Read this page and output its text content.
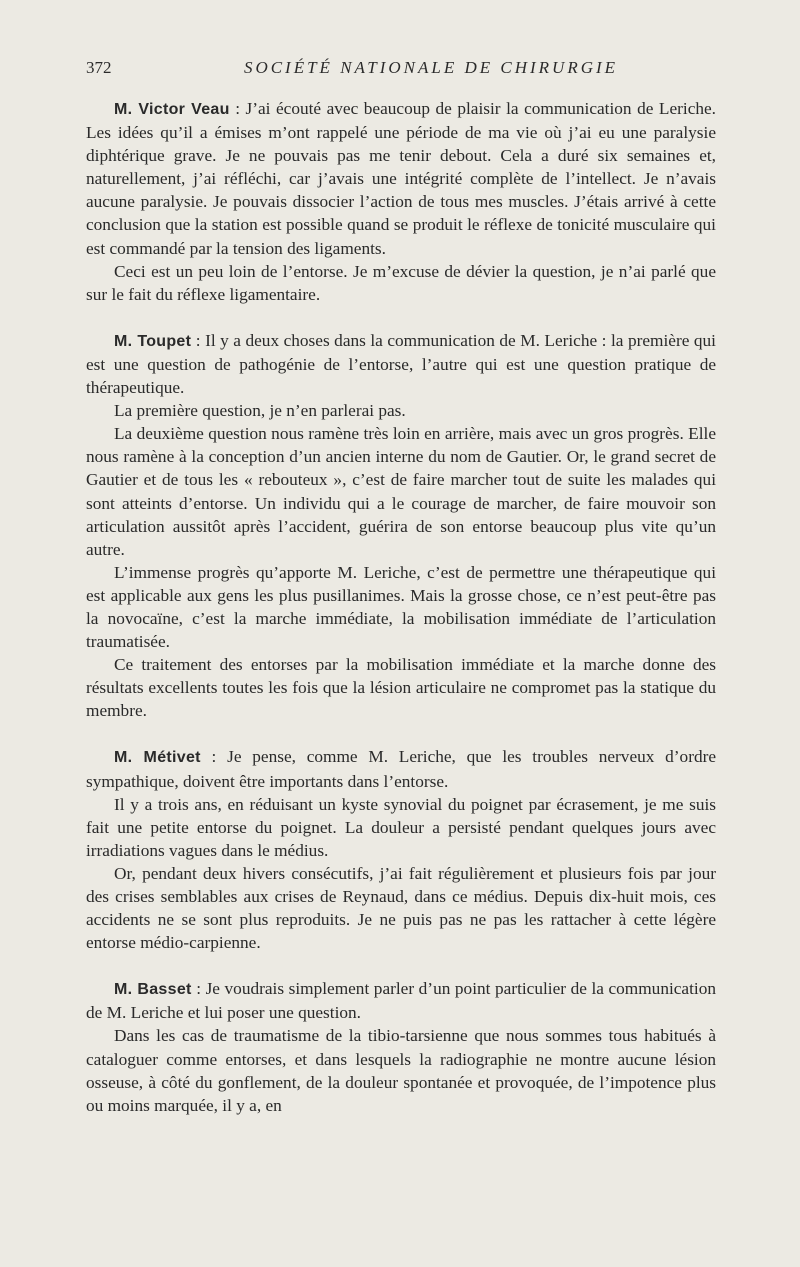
372	SOCIÉTÉ NATIONALE DE CHIRURGIE

M. Victor Veau : J’ai écouté avec beaucoup de plaisir la communication de Leriche. Les idées qu’il a émises m’ont rappelé une période de ma vie où j’ai eu une paralysie diphtérique grave. Je ne pouvais pas me tenir debout. Cela a duré six semaines et, naturellement, j’ai réfléchi, car j’avais une intégrité complète de l’intellect. Je n’avais aucune paralysie. Je pouvais dissocier l’action de tous mes muscles. J’étais arrivé à cette conclusion que la station est possible quand se produit le réflexe de tonicité musculaire qui est commandé par la tension des ligaments.

Ceci est un peu loin de l’entorse. Je m’excuse de dévier la question, je n’ai parlé que sur le fait du réflexe ligamentaire.

M. Toupet : Il y a deux choses dans la communication de M. Leriche : la première qui est une question de pathogénie de l’entorse, l’autre qui est une question pratique de thérapeutique.

La première question, je n’en parlerai pas.

La deuxième question nous ramène très loin en arrière, mais avec un gros progrès. Elle nous ramène à la conception d’un ancien interne du nom de Gautier. Or, le grand secret de Gautier et de tous les « rebouteux », c’est de faire marcher tout de suite les malades qui sont atteints d’entorse. Un individu qui a le courage de marcher, de faire mouvoir son articulation aussitôt après l’accident, guérira de son entorse beaucoup plus vite qu’un autre.

L’immense progrès qu’apporte M. Leriche, c’est de permettre une thérapeutique qui est applicable aux gens les plus pusillanimes. Mais la grosse chose, ce n’est peut-être pas la novocaïne, c’est la marche immédiate, la mobilisation immédiate de l’articulation traumatisée.

Ce traitement des entorses par la mobilisation immédiate et la marche donne des résultats excellents toutes les fois que la lésion articulaire ne compromet pas la statique du membre.

M. Métivet : Je pense, comme M. Leriche, que les troubles nerveux d’ordre sympathique, doivent être importants dans l’entorse.

Il y a trois ans, en réduisant un kyste synovial du poignet par écrasement, je me suis fait une petite entorse du poignet. La douleur a persisté pendant quelques jours avec irradiations vagues dans le médius.

Or, pendant deux hivers consécutifs, j’ai fait régulièrement et plusieurs fois par jour des crises semblables aux crises de Reynaud, dans ce médius. Depuis dix-huit mois, ces accidents ne se sont plus reproduits. Je ne puis pas ne pas les rattacher à cette légère entorse médio-carpienne.

M. Basset : Je voudrais simplement parler d’un point particulier de la communication de M. Leriche et lui poser une question.

Dans les cas de traumatisme de la tibio-tarsienne que nous sommes tous habitués à cataloguer comme entorses, et dans lesquels la radiographie ne montre aucune lésion osseuse, à côté du gonflement, de la douleur spontanée et provoquée, de l’impotence plus ou moins marquée, il y a, en
